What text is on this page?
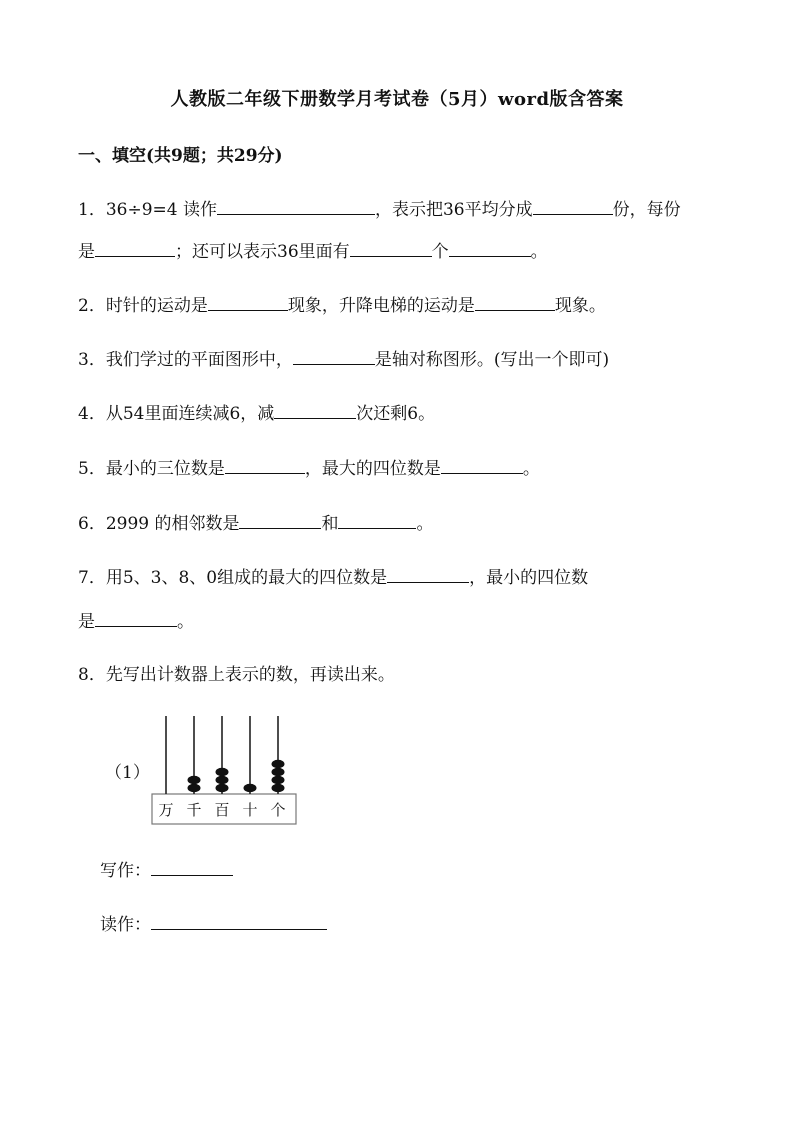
人教版二年级下册数学月考试卷（5月）word版含答案
一、填空(共9题；共29分)
1．36÷9=4 读作	，表示把36平均分成	份，每份
是	；还可以表示36里面有	个	。
2．时针的运动是	现象，升降电梯的运动是	现象。
3．我们学过的平面图形中，	是轴对称图形。(写出一个即可)
4．从54里面连续减6，减	次还剩6。
5．最小的三位数是	，最大的四位数是	。
6．2999 的相邻数是	和	。
7．用5、3、8、0组成的最大的四位数是	，最小的四位数
是	。
8．先写出计数器上表示的数，再读出来。
（1）
万 千 百 十 个
写作：
读作：
